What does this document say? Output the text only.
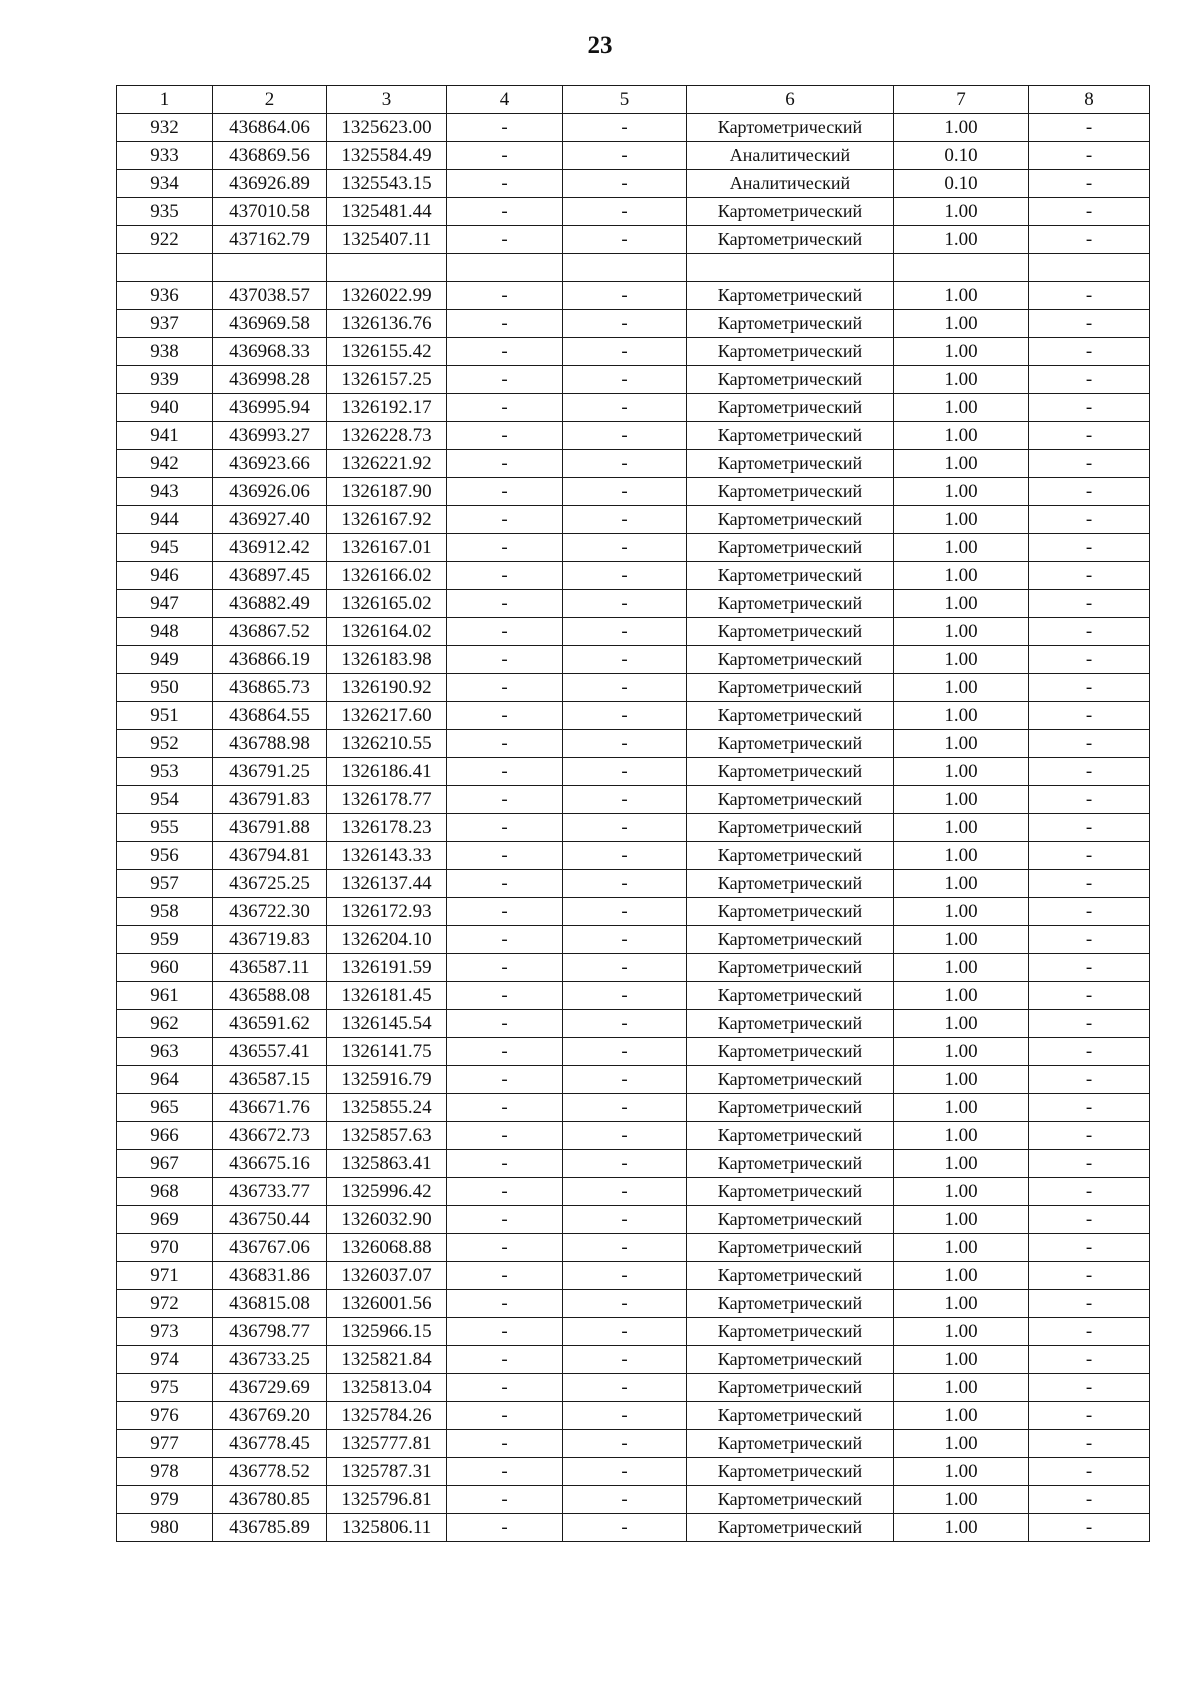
23
1	2	3	4	5	6	7	8
932	436864.06	1325623.00	-	-	Картометрический	1.00	-
933	436869.56	1325584.49	-	-	Аналитический	0.10	-
934	436926.89	1325543.15	-	-	Аналитический	0.10	-
935	437010.58	1325481.44	-	-	Картометрический	1.00	-
922	437162.79	1325407.11	-	-	Картометрический	1.00	-

936	437038.57	1326022.99	-	-	Картометрический	1.00	-
937	436969.58	1326136.76	-	-	Картометрический	1.00	-
938	436968.33	1326155.42	-	-	Картометрический	1.00	-
939	436998.28	1326157.25	-	-	Картометрический	1.00	-
940	436995.94	1326192.17	-	-	Картометрический	1.00	-
941	436993.27	1326228.73	-	-	Картометрический	1.00	-
942	436923.66	1326221.92	-	-	Картометрический	1.00	-
943	436926.06	1326187.90	-	-	Картометрический	1.00	-
944	436927.40	1326167.92	-	-	Картометрический	1.00	-
945	436912.42	1326167.01	-	-	Картометрический	1.00	-
946	436897.45	1326166.02	-	-	Картометрический	1.00	-
947	436882.49	1326165.02	-	-	Картометрический	1.00	-
948	436867.52	1326164.02	-	-	Картометрический	1.00	-
949	436866.19	1326183.98	-	-	Картометрический	1.00	-
950	436865.73	1326190.92	-	-	Картометрический	1.00	-
951	436864.55	1326217.60	-	-	Картометрический	1.00	-
952	436788.98	1326210.55	-	-	Картометрический	1.00	-
953	436791.25	1326186.41	-	-	Картометрический	1.00	-
954	436791.83	1326178.77	-	-	Картометрический	1.00	-
955	436791.88	1326178.23	-	-	Картометрический	1.00	-
956	436794.81	1326143.33	-	-	Картометрический	1.00	-
957	436725.25	1326137.44	-	-	Картометрический	1.00	-
958	436722.30	1326172.93	-	-	Картометрический	1.00	-
959	436719.83	1326204.10	-	-	Картометрический	1.00	-
960	436587.11	1326191.59	-	-	Картометрический	1.00	-
961	436588.08	1326181.45	-	-	Картометрический	1.00	-
962	436591.62	1326145.54	-	-	Картометрический	1.00	-
963	436557.41	1326141.75	-	-	Картометрический	1.00	-
964	436587.15	1325916.79	-	-	Картометрический	1.00	-
965	436671.76	1325855.24	-	-	Картометрический	1.00	-
966	436672.73	1325857.63	-	-	Картометрический	1.00	-
967	436675.16	1325863.41	-	-	Картометрический	1.00	-
968	436733.77	1325996.42	-	-	Картометрический	1.00	-
969	436750.44	1326032.90	-	-	Картометрический	1.00	-
970	436767.06	1326068.88	-	-	Картометрический	1.00	-
971	436831.86	1326037.07	-	-	Картометрический	1.00	-
972	436815.08	1326001.56	-	-	Картометрический	1.00	-
973	436798.77	1325966.15	-	-	Картометрический	1.00	-
974	436733.25	1325821.84	-	-	Картометрический	1.00	-
975	436729.69	1325813.04	-	-	Картометрический	1.00	-
976	436769.20	1325784.26	-	-	Картометрический	1.00	-
977	436778.45	1325777.81	-	-	Картометрический	1.00	-
978	436778.52	1325787.31	-	-	Картометрический	1.00	-
979	436780.85	1325796.81	-	-	Картометрический	1.00	-
980	436785.89	1325806.11	-	-	Картометрический	1.00	-
